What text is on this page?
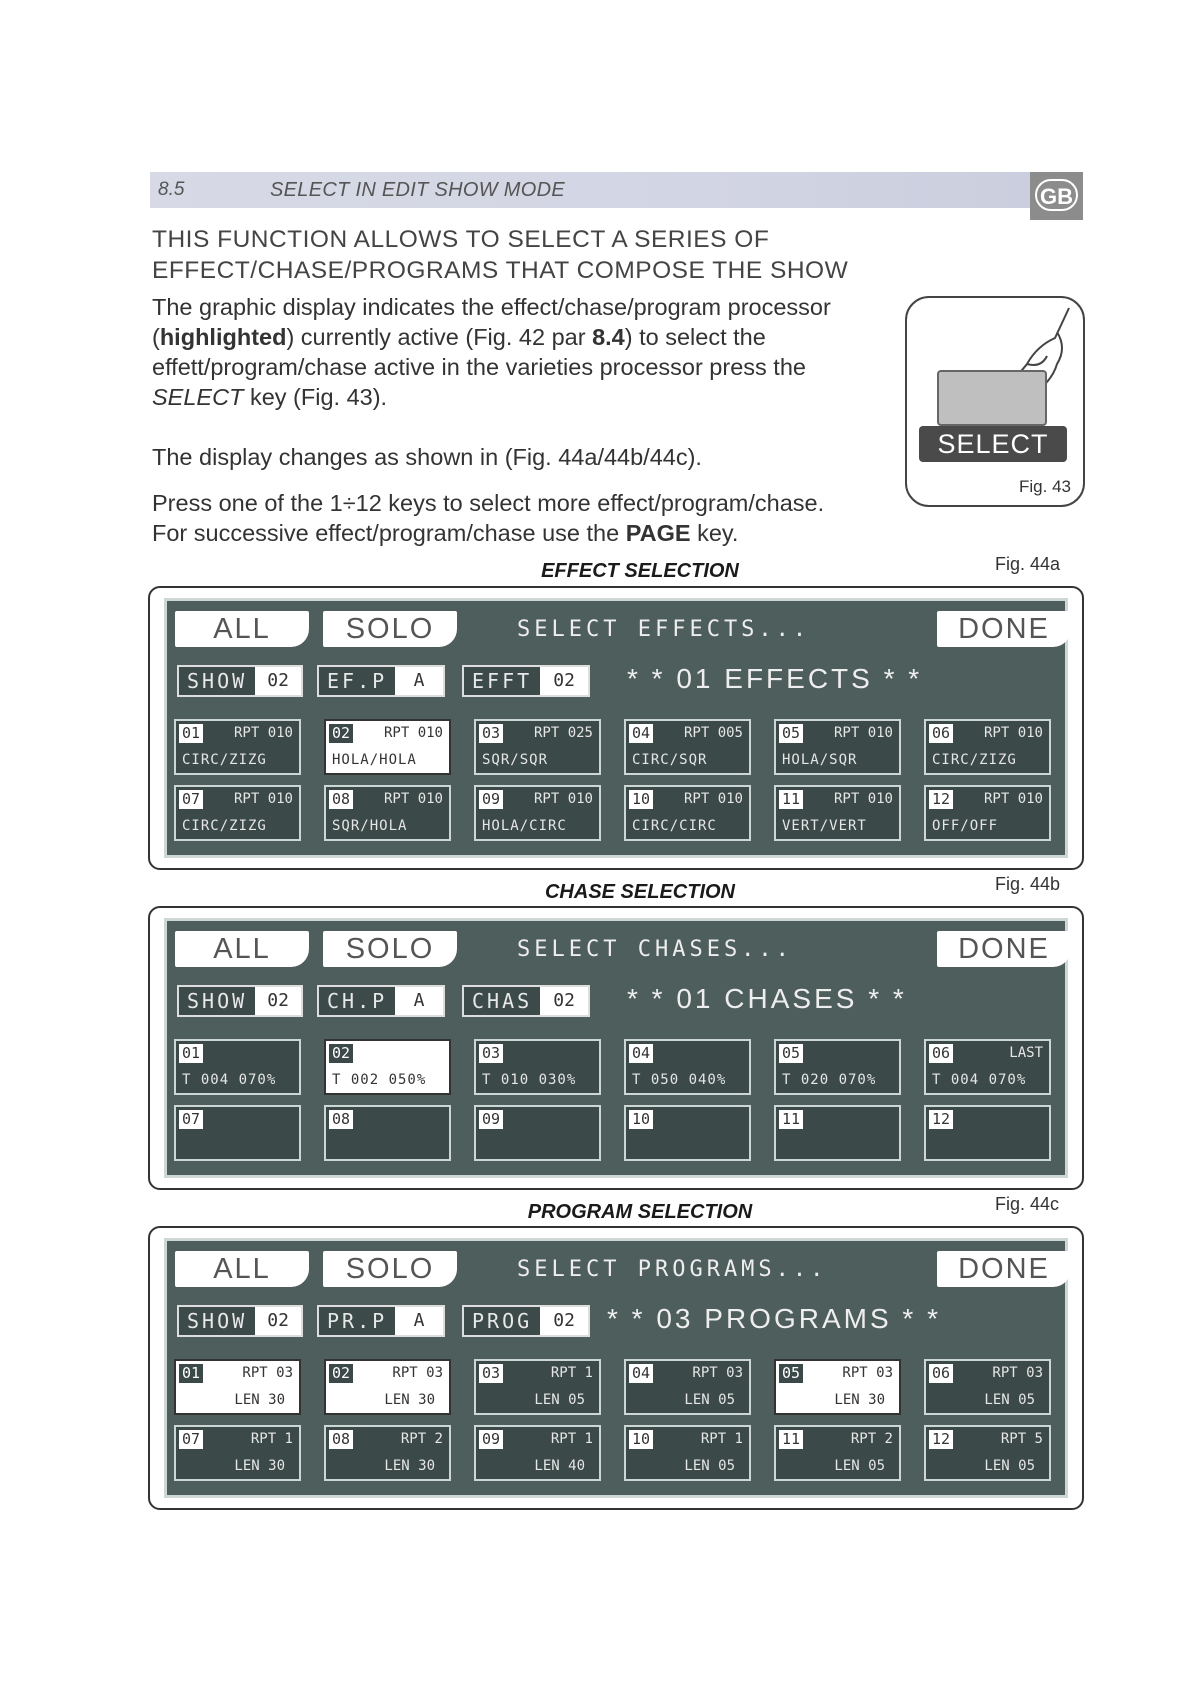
8.5	SELECT IN EDIT SHOW MODE	GB
THIS FUNCTION ALLOWS TO SELECT A SERIES OF EFFECT/CHASE/PROGRAMS THAT COMPOSE THE SHOW
The graphic display indicates the effect/chase/program processor (highlighted) currently active (Fig. 42 par 8.4) to select the effett/program/chase active in the varieties processor press the SELECT key (Fig. 43).
The display changes as shown in (Fig. 44a/44b/44c).
Press one of the 1÷12 keys to select more effect/program/chase.
For successive effect/program/chase use the PAGE key.
SELECT
Fig. 43
EFFECT SELECTION	Fig. 44a
ALL	SOLO	SELECT EFFECTS...	DONE
SHOW	02	EF.P	A	EFFT	02	* * 01 EFFECTS * *
01 RPT 010
CIRC/ZIZG
02 RPT 010
HOLA/HOLA
03 RPT 025
SQR/SQR
04 RPT 005
CIRC/SQR
05 RPT 010
HOLA/SQR
06 RPT 010
CIRC/ZIZG
07 RPT 010
CIRC/ZIZG
08 RPT 010
SQR/HOLA
09 RPT 010
HOLA/CIRC
10 RPT 010
CIRC/CIRC
11 RPT 010
VERT/VERT
12 RPT 010
OFF/OFF
CHASE SELECTION	Fig. 44b
ALL	SOLO	SELECT CHASES...	DONE
SHOW	02	CH.P	A	CHAS	02	* * 01 CHASES * *
01
T 004 070%
02
T 002 050%
03
T 010 030%
04
T 050 040%
05
T 020 070%
06	LAST
T 004 070%
07	08	09	10	11	12
PROGRAM SELECTION	Fig. 44c
ALL	SOLO	SELECT PROGRAMS...	DONE
SHOW	02	PR.P	A	PROG	02	* * 03 PROGRAMS * *
01	RPT 03
LEN 30
02	RPT 03
LEN 30
03	RPT 1
LEN 05
04	RPT 03
LEN 05
05	RPT 03
LEN 30
06	RPT 03
LEN 05
07	RPT 1
LEN 30
08	RPT 2
LEN 30
09	RPT 1
LEN 40
10	RPT 1
LEN 05
11	RPT 2
LEN 05
12	RPT 5
LEN 05
